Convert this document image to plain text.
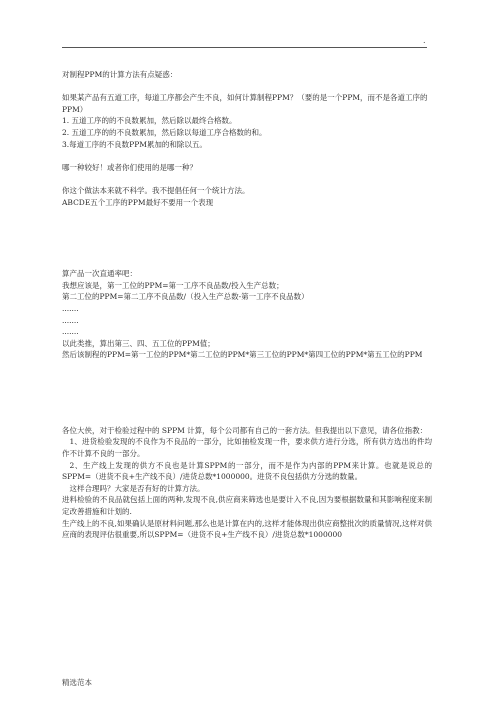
.

对制程PPM的计算方法有点疑惑：

如果某产品有五道工序，每道工序都会产生不良，如何计算制程PPM？（要的是一个PPM，而不是各道工序的PPM）

1. 五道工序的的不良数累加，然后除以最终合格数。

2. 五道工序的的不良数累加，然后除以每道工序合格数的和。

3.每道工序的不良数PPM累加的和除以五。

哪一种较好！或者你们使用的是哪一种？

你这个做法本来就不科学。我不提倡任何一个统计方法。

ABCDE五个工序的PPM最好不要用一个表现

算产品一次直通率吧：

我想应该是，第一工位的PPM=第一工序不良品数/投入生产总数；

第二工位的PPM=第二工序不良品数/（投入生产总数-第一工序不良品数）

.......

.......

.......

以此类推，算出第三、四、五工位的PPM值；

然后该制程的PPM=第一工位的PPM*第二工位的PPM*第三工位的PPM*第四工位的PPM*第五工位的PPM

各位大侠，对于检验过程中的 SPPM 计算，每个公司都有自己的一套方法。但我提出以下意见，请各位指教：

1、进货检验发现的不良作为不良品的一部分，比如抽检发现一件，要求供方进行分选，所有供方选出的件均作不计算不良的一部分。

2、生产线上发现的供方不良也是计算SPPM的一部分，而不是作为内部的PPM来计算。也就是说总的 SPPM=（进货不良+生产线不良）/进货总数*1000000。进货不良包括供方分选的数量。

这样合理吗？大家是否有好的计算方法。

进料检验的不良品就包括上面的两种,发现不良,供应商来筛选也是要计入不良,因为要根据数量和其影响程度来制定改善措施和计划的.

生产线上的不良,如果确认是原材料问题,那么也是计算在内的,这样才能体现出供应商整批次的质量情况,这样对供应商的表现评估很重要,所以SPPM=（进货不良+生产线不良）/进货总数*1000000

精选范本
